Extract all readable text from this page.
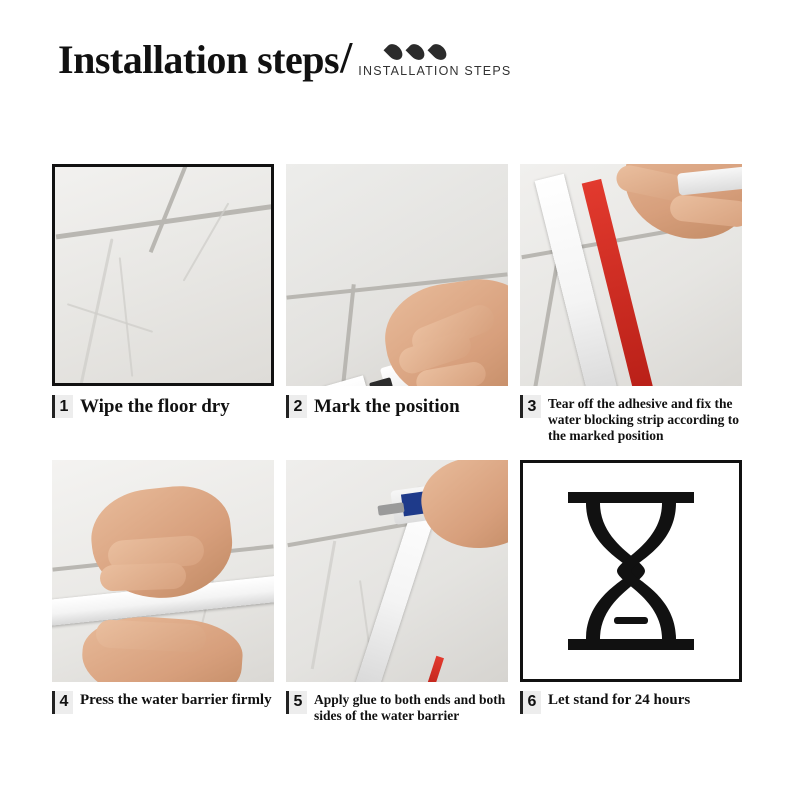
Installation steps / INSTALLATION STEPS
1 Wipe the floor dry	2 Mark the position	3 Tear off the adhesive and fix the water blocking strip according to the marked position
4 Press the water barrier firmly	5 Apply glue to both ends and both sides of the water barrier
6 Let stand for 24 hours
